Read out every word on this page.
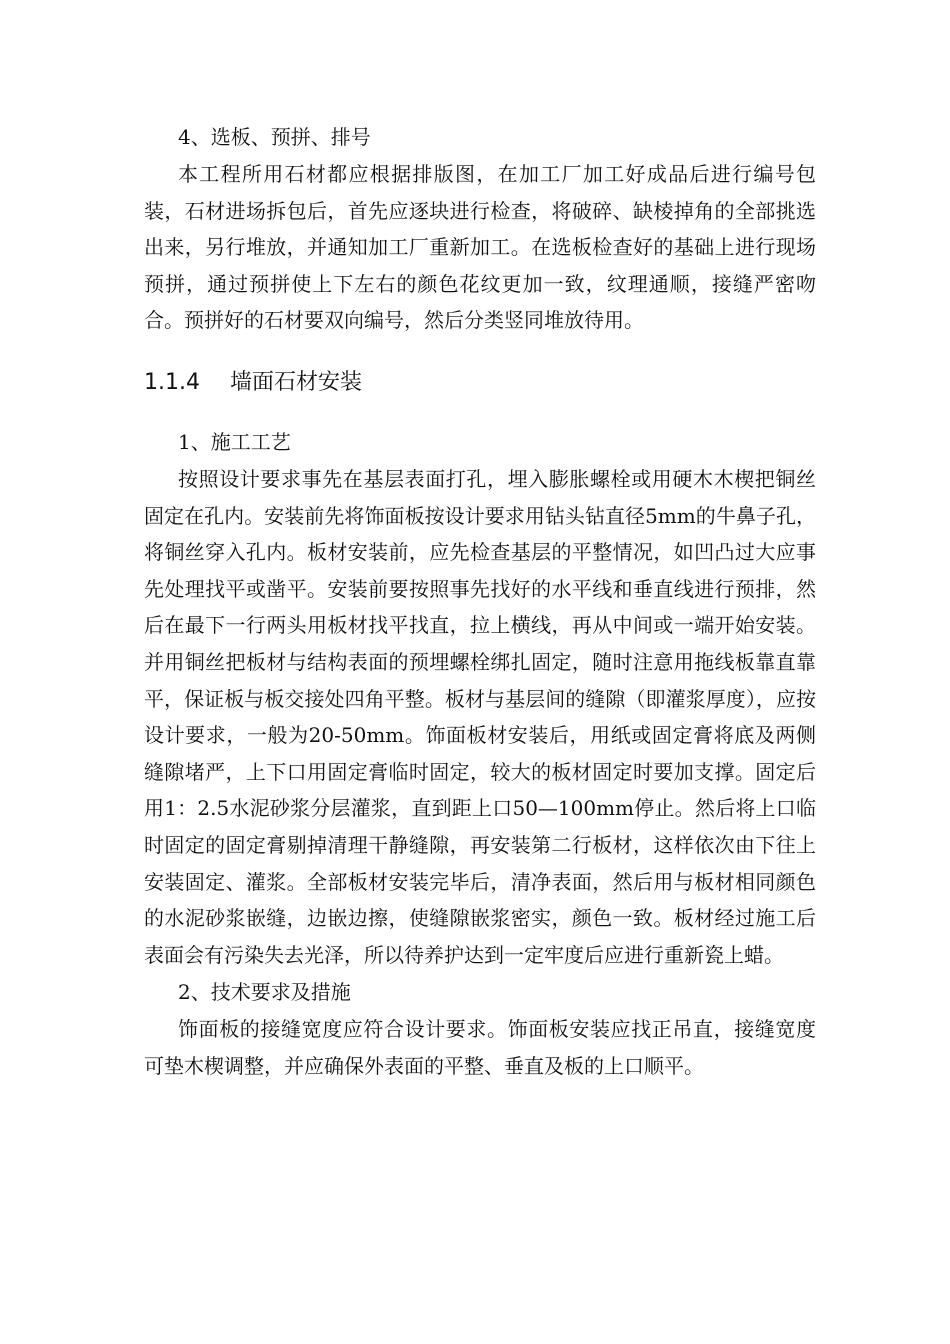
4、选板、预拼、排号

本工程所用石材都应根据排版图，在加工厂加工好成品后进行编号包装，石材进场拆包后，首先应逐块进行检查，将破碎、缺棱掉角的全部挑选出来，另行堆放，并通知加工厂重新加工。在选板检查好的基础上进行现场预拼，通过预拼使上下左右的颜色花纹更加一致，纹理通顺，接缝严密吻合。预拼好的石材要双向编号，然后分类竖同堆放待用。

1.1.4 墙面石材安装
1、施工工艺

按照设计要求事先在基层表面打孔，埋入膨胀螺栓或用硬木木楔把铜丝固定在孔内。安装前先将饰面板按设计要求用钻头钻直径5mm的牛鼻子孔，将铜丝穿入孔内。板材安装前，应先检查基层的平整情况，如凹凸过大应事先处理找平或凿平。安装前要按照事先找好的水平线和垂直线进行预排，然后在最下一行两头用板材找平找直，拉上横线，再从中间或一端开始安装。并用铜丝把板材与结构表面的预埋螺栓绑扎固定，随时注意用拖线板靠直靠平，保证板与板交接处四角平整。板材与基层间的缝隙（即灌浆厚度），应按设计要求，一般为20-50mm。饰面板材安装后，用纸或固定膏将底及两侧缝隙堵严，上下口用固定膏临时固定，较大的板材固定时要加支撑。固定后用1：2.5水泥砂浆分层灌浆，直到距上口50—100mm停止。然后将上口临时固定的固定膏剔掉清理干静缝隙，再安装第二行板材，这样依次由下往上安装固定、灌浆。全部板材安装完毕后，清净表面，然后用与板材相同颜色的水泥砂浆嵌缝，边嵌边擦，使缝隙嵌浆密实，颜色一致。板材经过施工后表面会有污染失去光泽，所以待养护达到一定牢度后应进行重新瓷上蜡。

2、技术要求及措施

饰面板的接缝宽度应符合设计要求。饰面板安装应找正吊直，接缝宽度可垫木楔调整，并应确保外表面的平整、垂直及板的上口顺平。
